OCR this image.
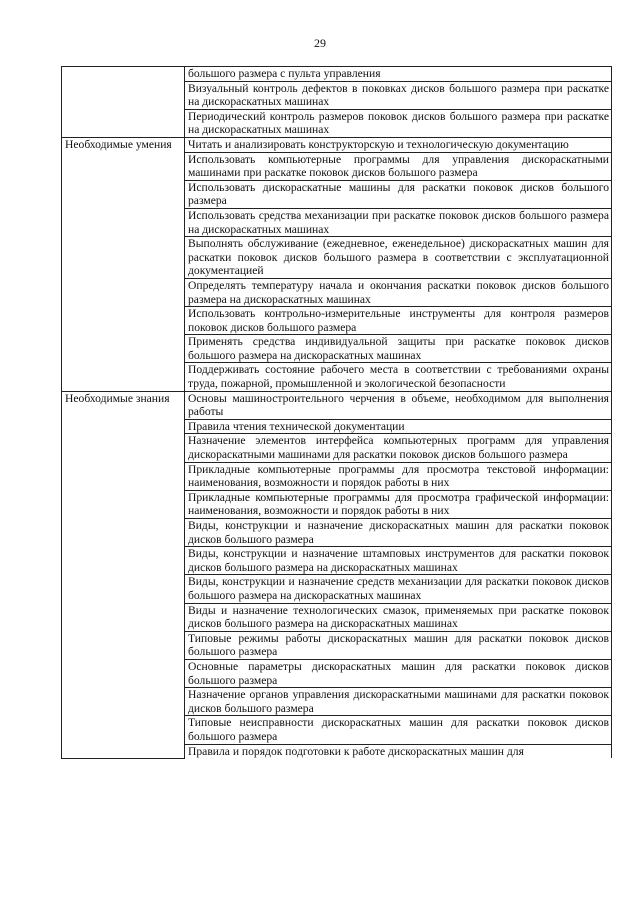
29
	большого размера с пульта управления
	Визуальный контроль дефектов в поковках дисков большого размера при раскатке на дискораскатных машинах
	Периодический контроль размеров поковок дисков большого размера при раскатке на дискораскатных машинах
Необходимые умения	Читать и анализировать конструкторскую и технологическую документацию
	Использовать компьютерные программы для управления дискораскатными машинами при раскатке поковок дисков большого размера
	Использовать дискораскатные машины для раскатки поковок дисков большого размера
	Использовать средства механизации при раскатке поковок дисков большого размера на дискораскатных машинах
	Выполнять обслуживание (ежедневное, еженедельное) дискораскатных машин для раскатки поковок дисков большого размера в соответствии с эксплуатационной документацией
	Определять температуру начала и окончания раскатки поковок дисков большого размера на дискораскатных машинах
	Использовать контрольно-измерительные инструменты для контроля размеров поковок дисков большого размера
	Применять средства индивидуальной защиты при раскатке поковок дисков большого размера на дискораскатных машинах
	Поддерживать состояние рабочего места в соответствии с требованиями охраны труда, пожарной, промышленной и экологической безопасности
Необходимые знания	Основы машиностроительного черчения в объеме, необходимом для выполнения работы
	Правила чтения технической документации
	Назначение элементов интерфейса компьютерных программ для управления дискораскатными машинами для раскатки поковок дисков большого размера
	Прикладные компьютерные программы для просмотра текстовой информации: наименования, возможности и порядок работы в них
	Прикладные компьютерные программы для просмотра графической информации: наименования, возможности и порядок работы в них
	Виды, конструкции и назначение дискораскатных машин для раскатки поковок дисков большого размера
	Виды, конструкции и назначение штамповых инструментов для раскатки поковок дисков большого размера на дискораскатных машинах
	Виды, конструкции и назначение средств механизации для раскатки поковок дисков большого размера на дискораскатных машинах
	Виды и назначение технологических смазок, применяемых при раскатке поковок дисков большого размера на дискораскатных машинах
	Типовые режимы работы дискораскатных машин для раскатки поковок дисков большого размера
	Основные параметры дискораскатных машин для раскатки поковок дисков большого размера
	Назначение органов управления дискораскатными машинами для раскатки поковок дисков большого размера
	Типовые неисправности дискораскатных машин для раскатки поковок дисков большого размера
	Правила и порядок подготовки к работе дискораскатных машин для
